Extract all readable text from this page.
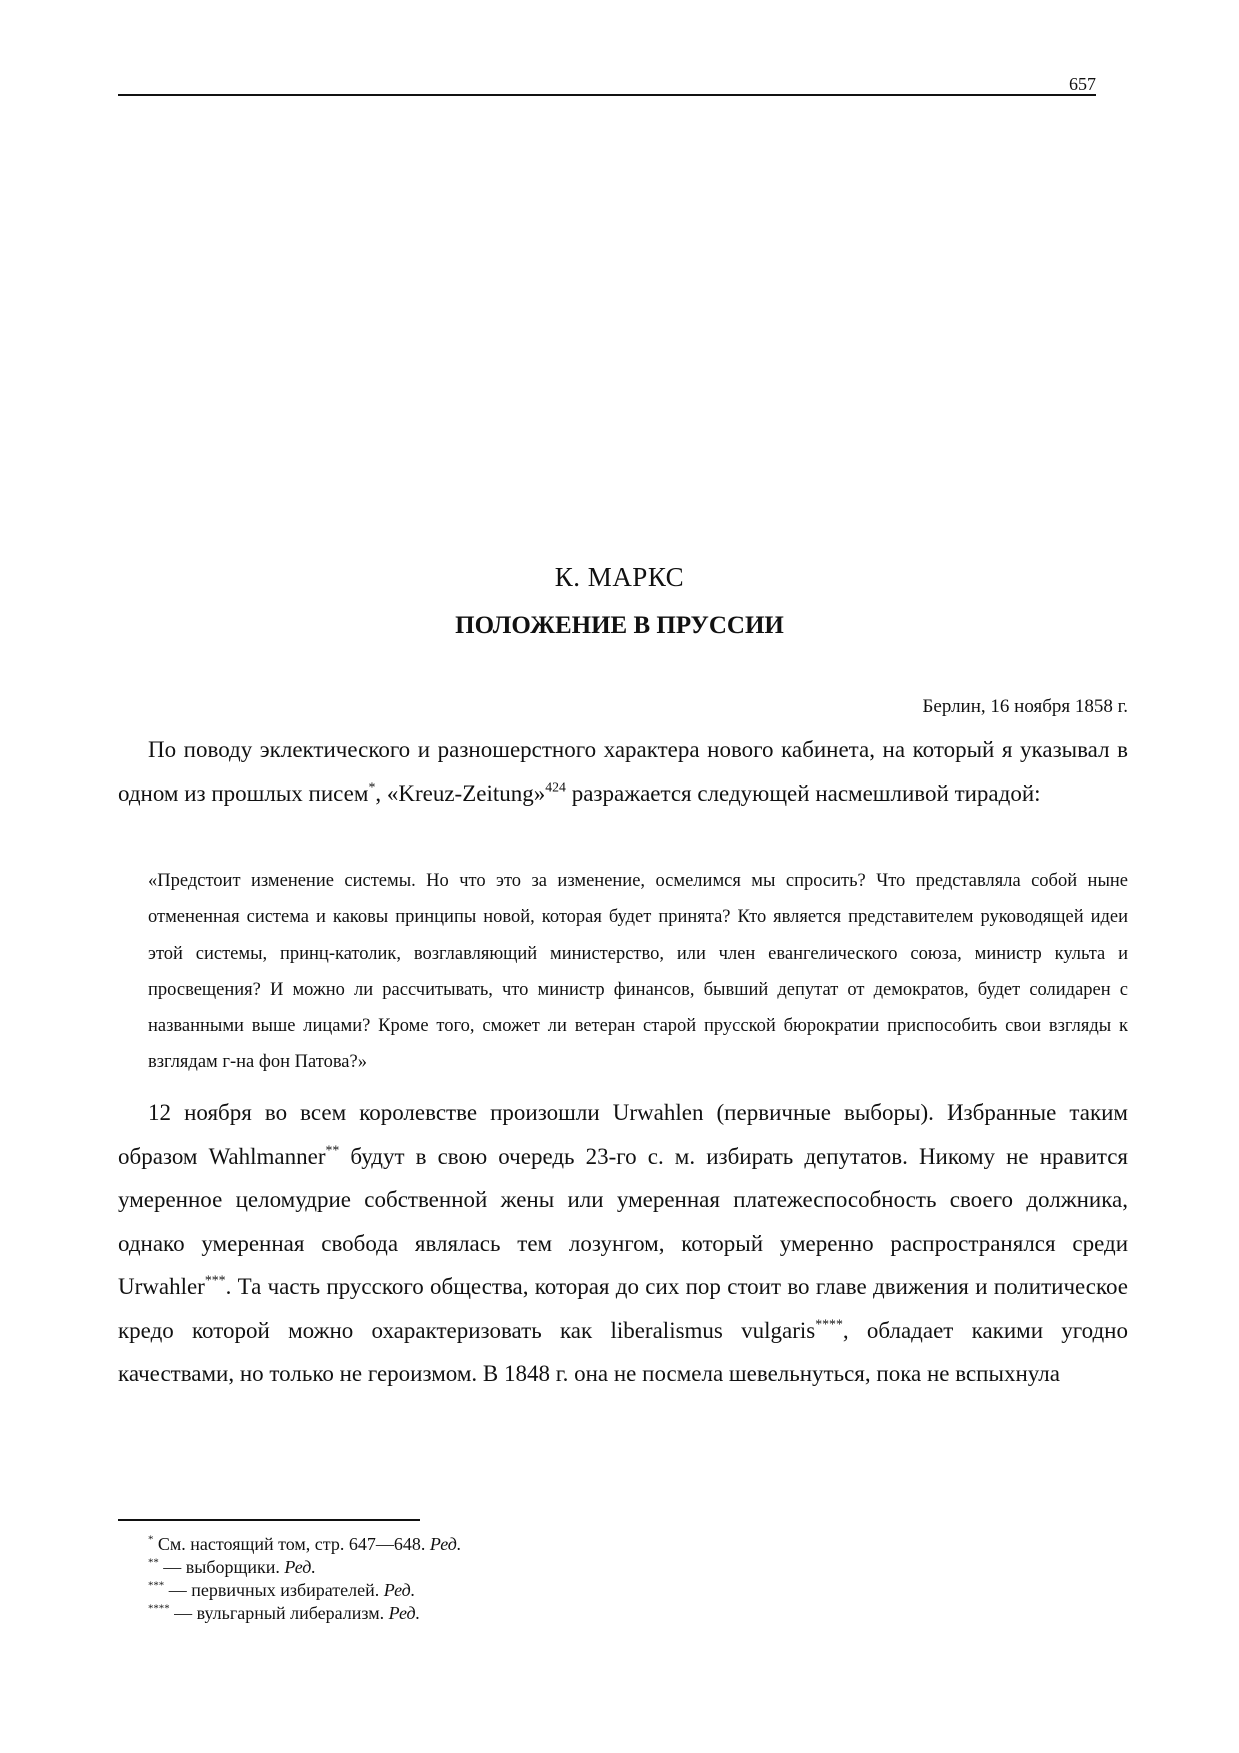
657
К. МАРКС
ПОЛОЖЕНИЕ В ПРУССИИ
Берлин, 16 ноября 1858 г.

По поводу эклектического и разношерстного характера нового кабинета, на который я указывал в одном из прошлых писем*, «Kreuz-Zeitung»$^{424}$ разражается следующей насмешливой тирадой:

«Предстоит изменение системы. Но что это за изменение, осмелимся мы спросить? Что представляла собой ныне отмененная система и каковы принципы новой, которая будет принята? Кто является представителем руководящей идеи этой системы, принц-католик, возглавляющий министерство, или член евангелического союза, министр культа и просвещения? И можно ли рассчитывать, что министр финансов, бывший депутат от демократов, будет солидарен с названными выше лицами? Кроме того, сможет ли ветеран старой прусской бюрократии приспособить свои взгляды к взглядам г-на фон Патова?»

12 ноября во всем королевстве произошли Urwahlen (первичные выборы). Избранные таким образом Wahlmanner** будут в свою очередь 23-го с. м. избирать депутатов. Никому не нравится умеренное целомудрие собственной жены или умеренная платежеспособность своего должника, однако умеренная свобода являлась тем лозунгом, который умеренно распространялся среди Urwahler***. Та часть прусского общества, которая до сих пор стоит во главе движения и политическое кредо которой можно охарактеризовать как liberalismus vulgaris****, обладает какими угодно качествами, но только не героизмом. В 1848 г. она не посмела шевельнуться, пока не вспыхнула

* См. настоящий том, стр. 647—648. Ред.
** — выборщики. Ред.
*** — первичных избирателей. Ред.
**** — вульгарный либерализм. Ред.
